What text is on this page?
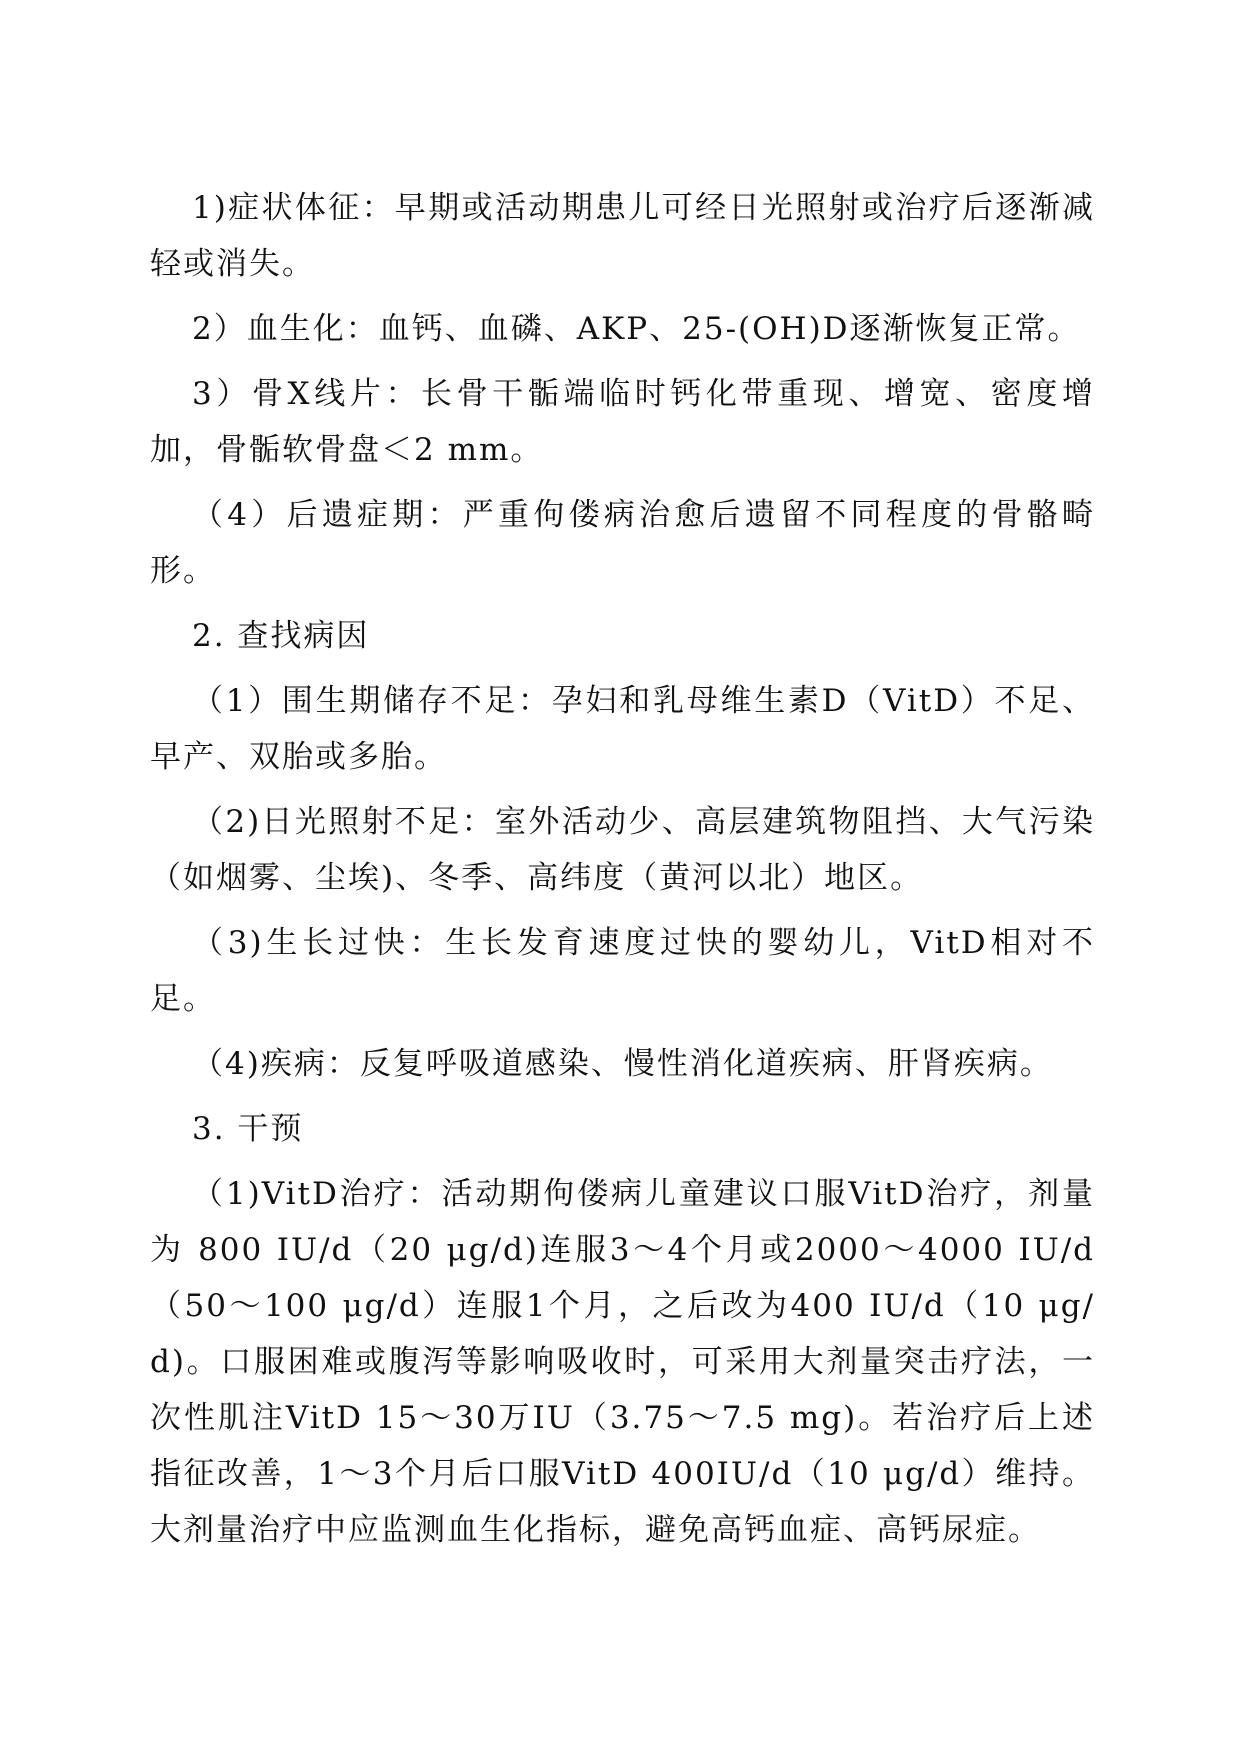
1)症状体征：早期或活动期患儿可经日光照射或治疗后逐渐减轻或消失。

2）血生化：血钙、血磷、AKP、25-(OH)D逐渐恢复正常。

3）骨X线片：长骨干骺端临时钙化带重现、增宽、密度增加，骨骺软骨盘＜2 mm。

（4）后遗症期：严重佝偻病治愈后遗留不同程度的骨骼畸形。

2. 查找病因

（1）围生期储存不足：孕妇和乳母维生素D（VitD）不足、早产、双胎或多胎。

（2)日光照射不足：室外活动少、高层建筑物阻挡、大气污染（如烟雾、尘埃)、冬季、高纬度（黄河以北）地区。

（3)生长过快：生长发育速度过快的婴幼儿，VitD相对不足。

（4)疾病：反复呼吸道感染、慢性消化道疾病、肝肾疾病。

3. 干预

（1)VitD治疗：活动期佝偻病儿童建议口服VitD治疗，剂量为 800 IU/d（20 μg/d)连服3～4个月或2000～4000 IU/d（50～100 μg/d）连服1个月，之后改为400 IU/d（10 μg/d)。口服困难或腹泻等影响吸收时，可采用大剂量突击疗法，一次性肌注VitD 15～30万IU（3.75～7.5 mg)。若治疗后上述指征改善，1～3个月后口服VitD 400IU/d（10 μg/d）维持。大剂量治疗中应监测血生化指标，避免高钙血症、高钙尿症。
